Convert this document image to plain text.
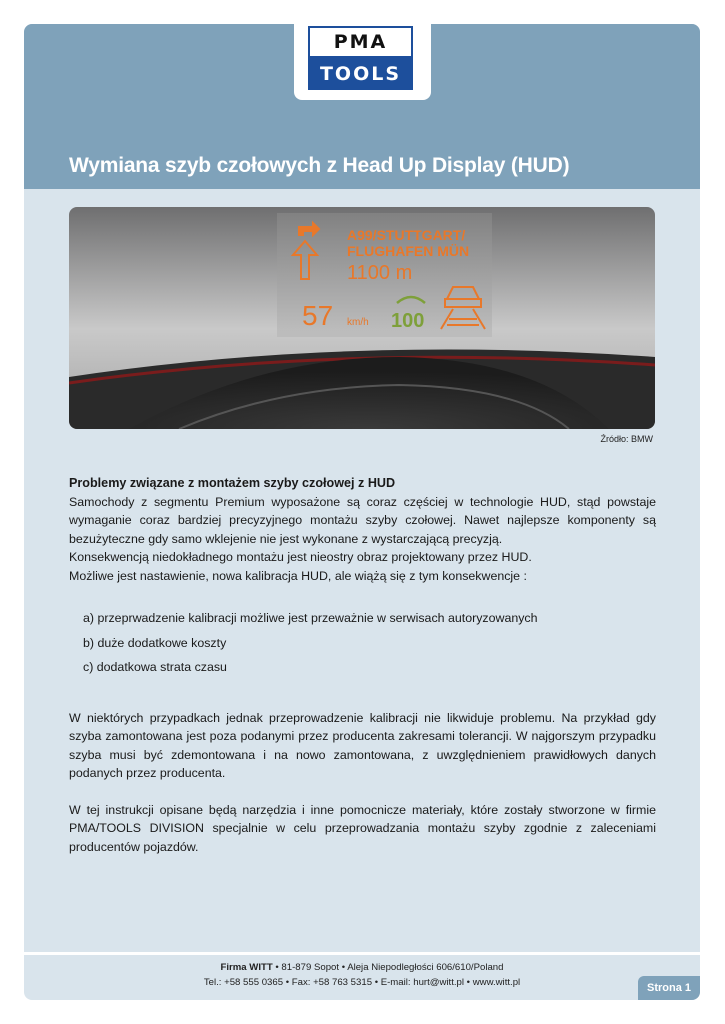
Wymiana szyb czołowych z Head Up Display (HUD)
PMA
TOOLS
A99/STUTTGART/
FLUGHAFEN MÜN
1100 m
57 km/h 100
Źródło: BMW
Problemy związane z montażem szyby czołowej z HUD

Samochody z segmentu Premium wyposażone są coraz częściej w technologie HUD, stąd powstaje wymaganie coraz bardziej precyzyjnego montażu szyby czołowej. Nawet najlepsze komponenty są bezużyteczne gdy samo wklejenie nie jest wykonane z wystarczającą precyzją.

Konsekwencją niedokładnego montażu jest nieostry obraz projektowany przez HUD.
Możliwe jest nastawienie, nowa kalibracja HUD, ale wiążą się z tym konsekwencje :
a) przeprwadzenie kalibracji możliwe jest przeważnie w serwisach autoryzowanych
b) duże dodatkowe koszty
c) dodatkowa strata czasu

W niektórych przypadkach jednak przeprowadzenie kalibracji nie likwiduje problemu. Na przykład gdy szyba zamontowana jest poza podanymi przez producenta zakresami tolerancji. W najgorszym przypadku szyba musi być zdemontowana i na nowo zamontowana, z uwzględnieniem prawidłowych danych podanych przez producenta.

W tej instrukcji opisane będą narzędzia i inne pomocnicze materiały, które zostały stworzone w firmie PMA/TOOLS DIVISION specjalnie w celu przeprowadzania montażu szyby zgodnie z zaleceniami producentów pojazdów.

Firma WITT • 81-879 Sopot • Aleja Niepodległości 606/610/Poland
Tel.: +58 555 0365 • Fax: +58 763 5315 • E-mail: hurt@witt.pl • www.witt.pl	Strona 1
